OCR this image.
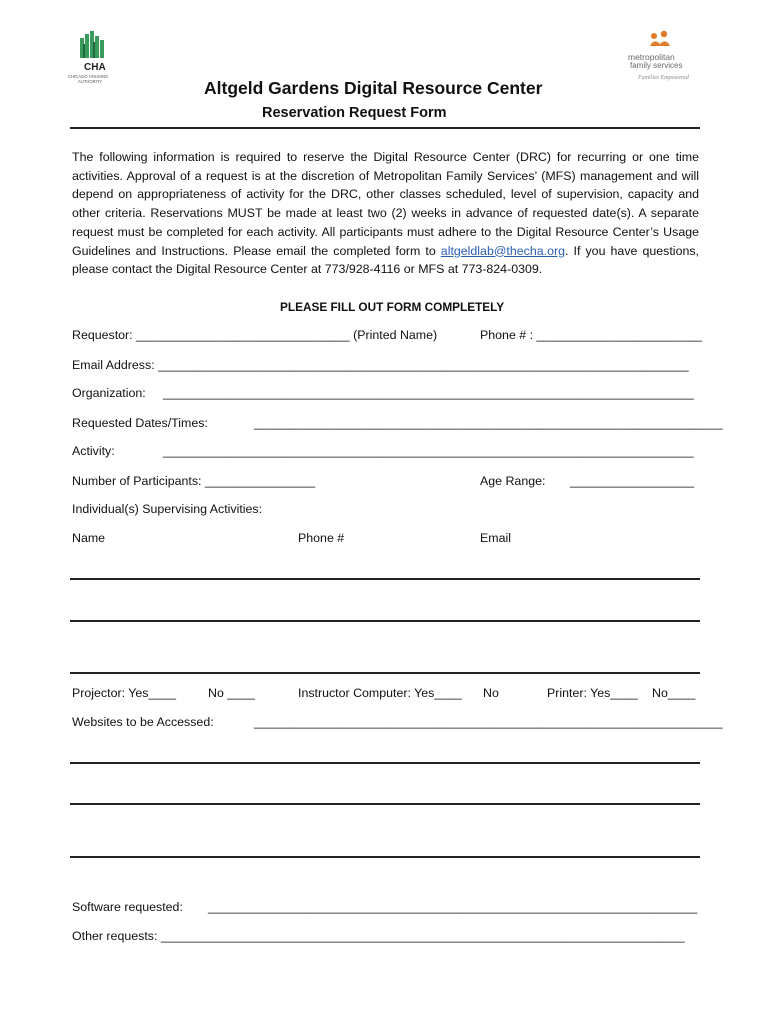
CHA
CHICAGO HOUSING
AUTHORITY
metropolitan
family services
Families Empowered
Altgeld Gardens Digital Resource Center
Reservation Request Form
The following information is required to reserve the Digital Resource Center (DRC) for recurring or one time activities. Approval of a request is at the discretion of Metropolitan Family Services’ (MFS) management and will depend on appropriateness of activity for the DRC, other classes scheduled, level of supervision, capacity and other criteria. Reservations MUST be made at least two (2) weeks in advance of requested date(s). A separate request must be completed for each activity. All participants must adhere to the Digital Resource Center’s Usage Guidelines and Instructions. Please email the completed form to altgeldlab@thecha.org. If you have questions, please contact the Digital Resource Center at 773/928-4116 or MFS at 773-824-0309.
PLEASE FILL OUT FORM COMPLETELY
Requestor: _______________________________ (Printed Name)	Phone # : ________________________
Email Address: _____________________________________________________________________________
Organization: _____________________________________________________________________________
Requested Dates/Times:	____________________________________________________________________
Activity:	_____________________________________________________________________________
Number of Participants: ________________	Age Range: __________________
Individual(s) Supervising Activities:
Name	Phone #	Email
Projector: Yes____	No ____	Instructor Computer: Yes____ No	Printer: Yes____ No____
Websites to be Accessed:	____________________________________________________________________
Software requested: _______________________________________________________________________
Other requests: ____________________________________________________________________________
